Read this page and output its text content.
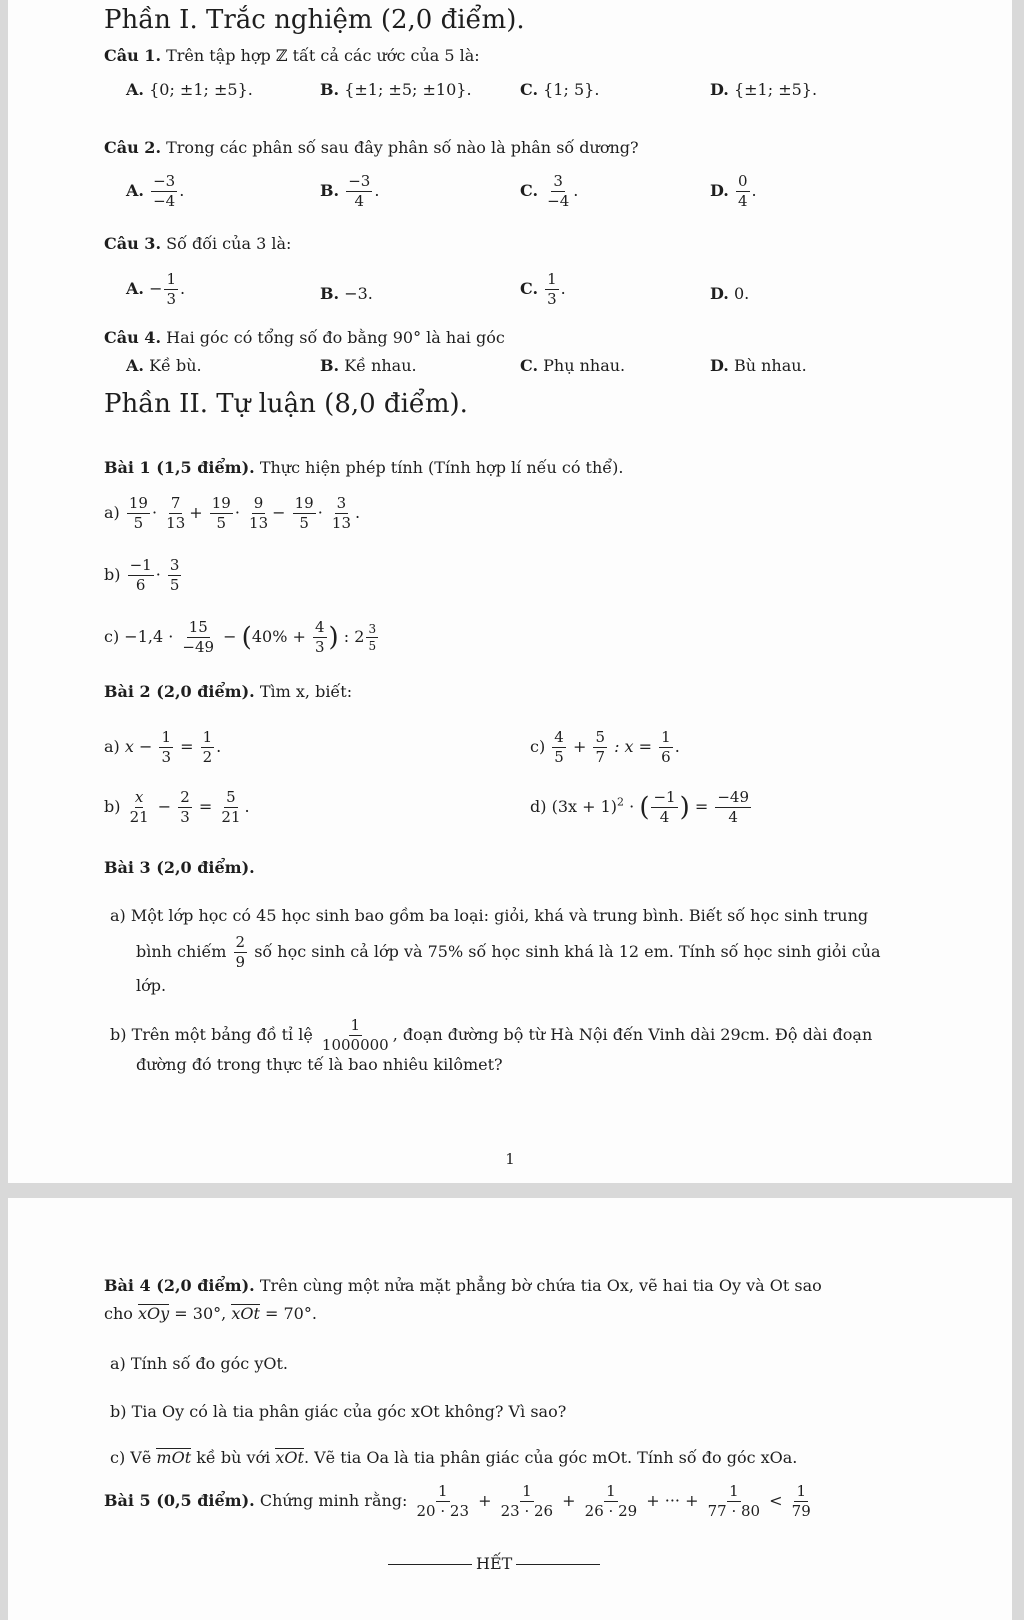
Phần I. Trắc nghiệm (2,0 điểm).
Câu 1. Trên tập hợp ℤ tất cả các ước của 5 là:
A. {0; ±1; ±5}.	B. {±1; ±5; ±10}.	C. {1; 5}.	D. {±1; ±5}.
Câu 2. Trong các phân số sau đây phân số nào là phân số dương?
A. $\frac{-3}{-4}$ .	B. $\frac{-3}{4}$ .	C. $\frac{3}{-4}$ .	D. $\frac{0}{4}$ .
Câu 3. Số đối của 3 là:
A. − $\frac{1}{3}$ .	B. −3.	C. $\frac{1}{3}$ .	D. 0.
Câu 4. Hai góc có tổng số đo bằng 90° là hai góc
A. Kề bù.	B. Kề nhau.	C. Phụ nhau.	D. Bù nhau.
Phần II. Tự luận (8,0 điểm).
Bài 1 (1,5 điểm). Thực hiện phép tính (Tính hợp lí nếu có thể).
$a) \frac{19}{5} \cdot \frac{7}{13} + \frac{19}{5} \cdot \frac{9}{13} - \frac{19}{5} \cdot \frac{3}{13}$ .
$b) \frac{-1}{6} \cdot \frac{3}{5}$
$c) -1,4 \cdot \frac{15}{-49} - (40\% + \frac{4}{3}$ ) : $2 \frac{3}{5}$
Bài 2 (2,0 điểm). Tìm x, biết:
a) $x - \frac{1}{3} = \frac{1}{2}$ .	$c) \frac{4}{5} + \frac{5}{7}$ : $x = \frac{1}{6}$ .
$b) \frac{x}{21} - \frac{2}{3} = \frac{5}{21}$ .	d) $(3x + 1)^2$ · ( $\frac{-1}{4}$ ) = $\frac{-49}{4}$
Bài 3 (2,0 điểm).
a) Một lớp học có 45 học sinh bao gồm ba loại: giỏi, khá và trung bình. Biết số học sinh trung
bình chiếm $\frac{2}{9}$ số học sinh cả lớp và 75% số học sinh khá là 12 em. Tính số học sinh giỏi của
lớp.
b) Trên một bảng đồ tỉ lệ $\frac{1}{1000000}$ , đoạn đường bộ từ Hà Nội đến Vinh dài 29cm. Độ dài đoạn
đường đó trong thực tế là bao nhiêu kilômet?
1
Bài 4 (2,0 điểm). Trên cùng một nửa mặt phẳng bờ chứa tia Ox, vẽ hai tia Oy và Ot sao
cho xOy = 30°, xOt = 70°.
a) Tính số đo góc yOt.
b) Tia Oy có là tia phân giác của góc xOt không? Vì sao?
c) Vẽ mOt kề bù với xOt. Vẽ tia Oa là tia phân giác của góc mOt. Tính số đo góc xOa.
Bài 5 (0,5 điểm). Chứng minh rằng: $\frac{1}{20 \cdot 23} + \frac{1}{23 \cdot 26} + \frac{1}{26 \cdot 29}$ + ··· + $\frac{1}{77 \cdot 80} < \frac{1}{79}$
HẾT
